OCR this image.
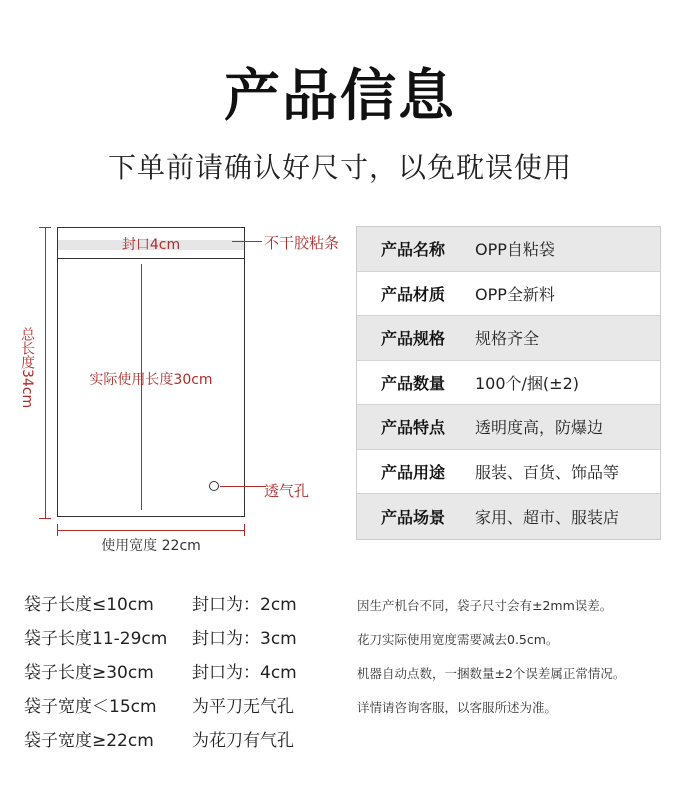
产品信息
下单前请确认好尺寸，以免耽误使用
总长度34cm
封口4cm
实际使用长度30cm
不干胶粘条
透气孔
使用宽度 22cm
产品名称	OPP自粘袋
产品材质	OPP全新料
产品规格	规格齐全
产品数量	100个/捆(±2)
产品特点	透明度高，防爆边
产品用途	服装、百货、饰品等
产品场景	家用、超市、服装店
袋子长度≤10cm	封口为：2cm
袋子长度11-29cm	封口为：3cm
袋子长度≥30cm	封口为：4cm
袋子宽度＜15cm	为平刀无气孔
袋子宽度≥22cm	为花刀有气孔
因生产机台不同，袋子尺寸会有±2mm误差。
花刀实际使用宽度需要减去0.5cm。
机器自动点数，一捆数量±2个误差属正常情况。
详情请咨询客服，以客服所述为准。
